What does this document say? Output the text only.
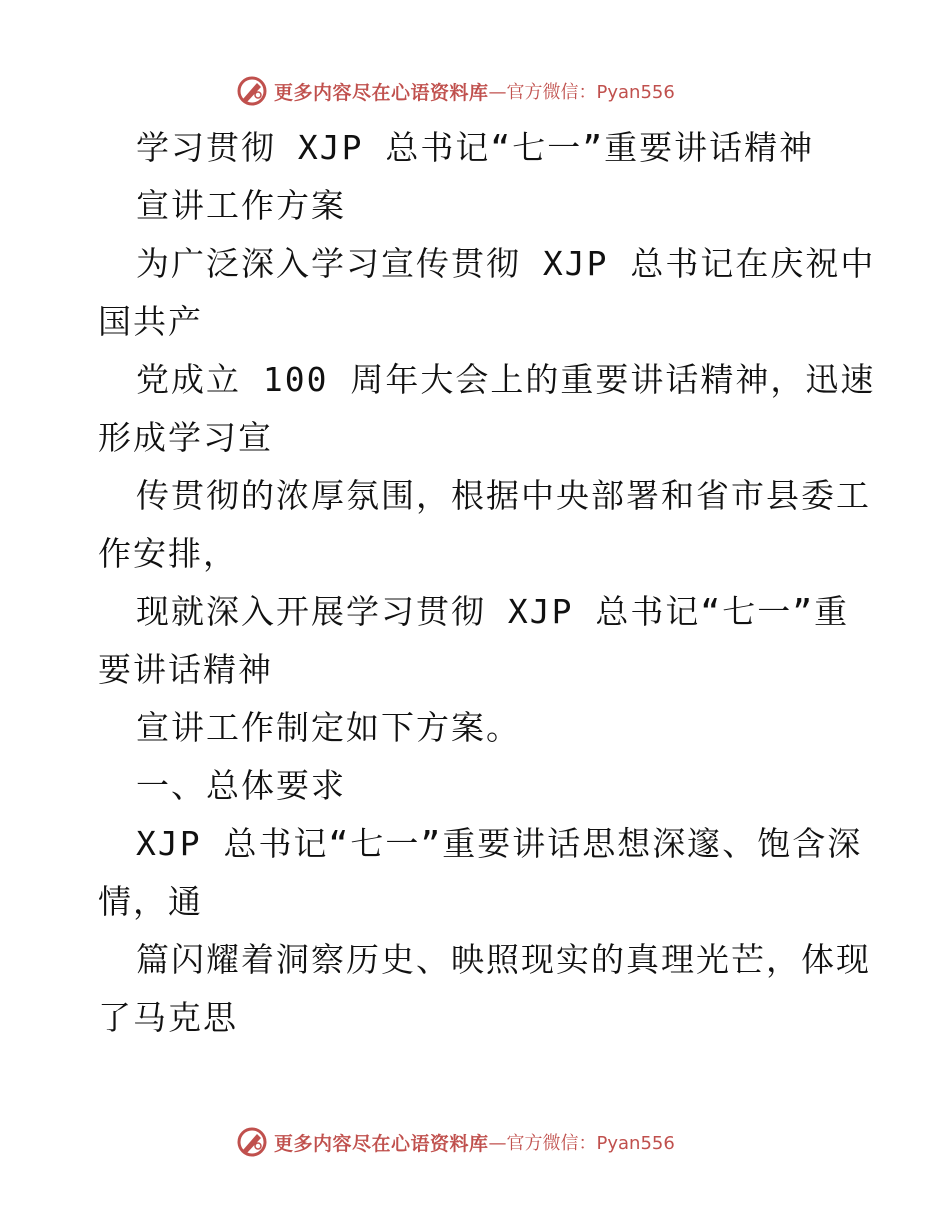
更多内容尽在心语资料库 —官方微信：Pyan556
学习贯彻 XJP 总书记“七一”重要讲话精神
宣讲工作方案
为广泛深入学习宣传贯彻 XJP 总书记在庆祝中
国共产
党成立 100 周年大会上的重要讲话精神，迅速
形成学习宣
传贯彻的浓厚氛围，根据中央部署和省市县委工
作安排，
现就深入开展学习贯彻 XJP 总书记“七一”重
要讲话精神
宣讲工作制定如下方案。
一、总体要求
XJP 总书记“七一”重要讲话思想深邃、饱含深
情，通
篇闪耀着洞察历史、映照现实的真理光芒，体现
了马克思
更多内容尽在心语资料库 —官方微信：Pyan556
